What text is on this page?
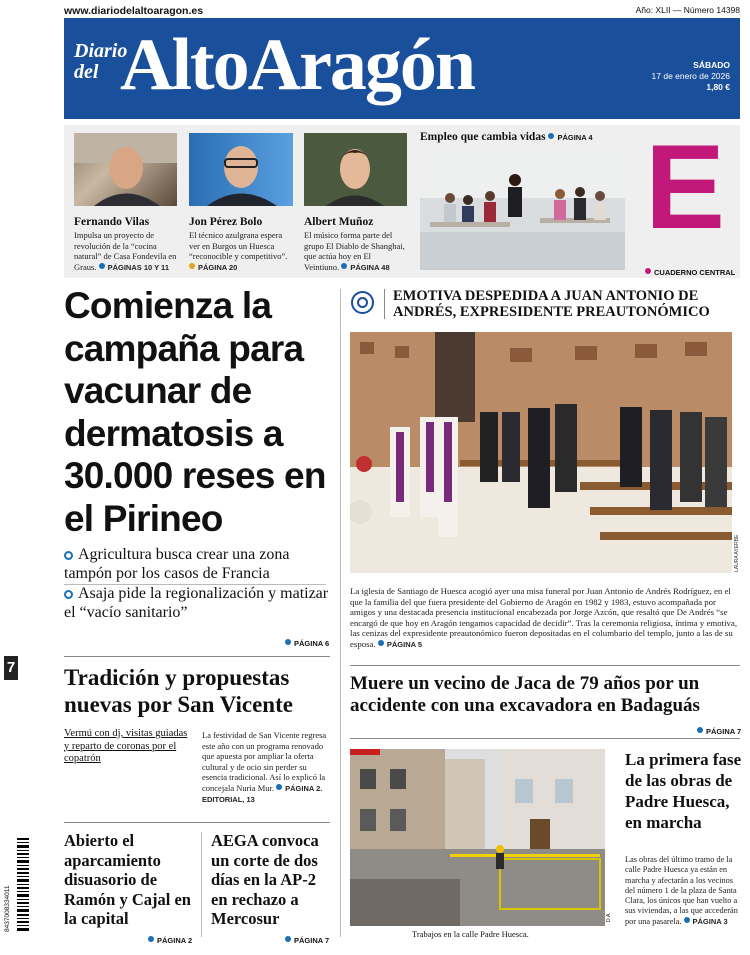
www.diariodelaltoaragon.es	Año: XLII — Número 14398
Diario
del AltoAragón	SÁBADO
17 de enero de 2026
1,80 €
Fernando Vilas
Impulsa un proyecto de revolución de la “cocina natural” de Casa Fondevila en Graus. PÁGINAS 10 Y 11
Jon Pérez Bolo
El técnico azulgrana espera ver en Burgos un Huesca “reconocible y competitivo”. PÁGINA 20
Albert Muñoz
El músico forma parte del grupo El Diablo de Shanghai, que actúa hoy en El Veintiuno. PÁGINA 48
Empleo que cambia vidas PÁGINA 4 E
CUADERNO CENTRAL
Comienza la campaña para vacunar de dermatosis a 30.000 reses en el Pirineo
Agricultura busca crear una zona tampón por los casos de Francia
Asaja pide la regionalización y matizar el “vacío sanitario”
PÁGINA 6
EMOTIVA DESPEDIDA A JUAN ANTONIO DE ANDRÉS, EXPRESIDENTE PREAUTONÓMICO
LAURA AYERBE
La iglesia de Santiago de Huesca acogió ayer una misa funeral por Juan Antonio de Andrés Rodríguez, en el que la familia del que fuera presidente del Gobierno de Aragón en 1982 y 1983, estuvo acompañada por amigos y una destacada presencia institucional encabezada por Jorge Azcón, que resaltó que De Andrés “se encargó de que hoy en Aragón tengamos capacidad de decidir”. Tras la ceremonia religiosa, íntima y emotiva, las cenizas del expresidente preautonómico fueron depositadas en el columbario del templo, junto a las de su esposa. PÁGINA 5
7 Tradición y propuestas nuevas por San Vicente
Vermú con dj, visitas guiadas y reparto de coronas por el copatrón
La festividad de San Vicente regresa este año con un programa renovado que apuesta por ampliar la oferta cultural y de ocio sin perder su esencia tradicional. Así lo explicó la concejala Nuria Mur. PÁGINA 2. EDITORIAL, 13
Muere un vecino de Jaca de 79 años por un accidente con una excavadora en Badaguás
PÁGINA 7
Abierto el aparcamiento disuasorio de Ramón y Cajal en la capital
PÁGINA 2
AEGA convoca un corte de dos días en la AP-2 en rechazo a Mercosur
PÁGINA 7
Trabajos en la calle Padre Huesca.
D.A.
La primera fase de las obras de Padre Huesca, en marcha
Las obras del último tramo de la calle Padre Huesca ya están en marcha y afectarán a los vecinos del número 1 de la plaza de Santa Clara, los únicos que han vuelto a sus viviendas, a las que accederán por una pasarela. PÁGINA 3
8437008334011
